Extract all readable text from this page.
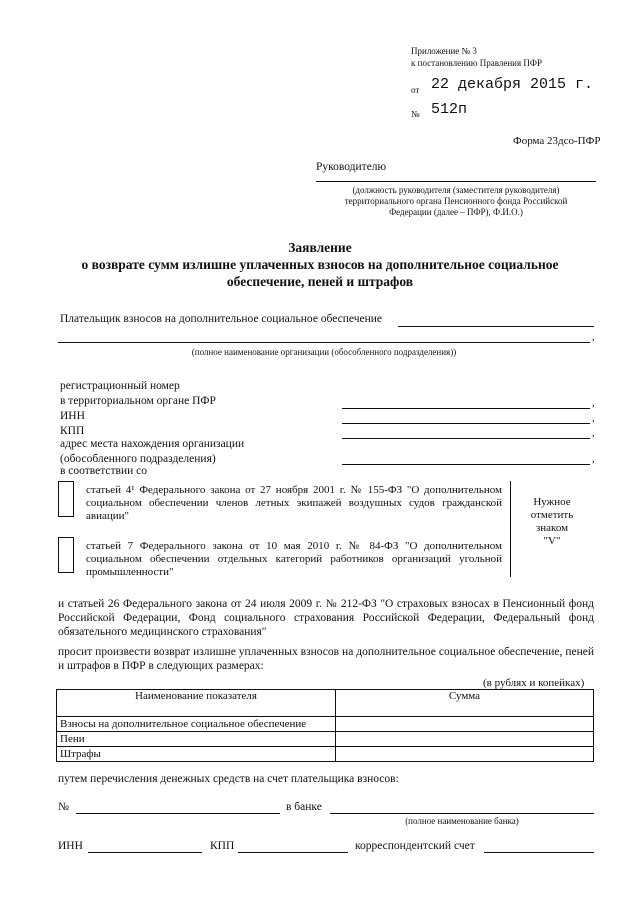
Приложение № 3
к постановлению Правления ПФР
от 22 декабря 2015 г.
№ 512п
Форма 23дсо-ПФР
Руководителю
(должность руководителя (заместителя руководителя)
территориального органа Пенсионного фонда Российской
Федерации (далее – ПФР), Ф.И.О.)
Заявление
о возврате сумм излишне уплаченных взносов на дополнительное социальное
обеспечение, пеней и штрафов
Плательщик взносов на дополнительное социальное обеспечение
,
(полное наименование организации (обособленного подразделения))
регистрационный номер
в территориальном органе ПФР	,
ИНН	,
КПП	,
адрес места нахождения организации
(обособленного подразделения)	,
в соответствии со
статьей 4¹ Федерального закона от 27 ноября 2001 г. № 155-ФЗ "О дополнительном социальном обеспечении членов летных экипажей воздушных судов гражданской авиации"
статьей 7 Федерального закона от 10 мая 2010 г. № 84-ФЗ "О дополнительном социальном обеспечении отдельных категорий работников организаций угольной промышленности"
Нужное
отметить
знаком
"V"
и статьей 26 Федерального закона от 24 июля 2009 г. № 212-ФЗ "О страховых взносах в Пенсионный фонд Российской Федерации, Фонд социального страхования Российской Федерации, Федеральный фонд обязательного медицинского страхования"
просит произвести возврат излишне уплаченных взносов на дополнительное социальное обеспечение, пеней и штрафов в ПФР в следующих размерах:
(в рублях и копейках)
Наименование показателя	Сумма
Взносы на дополнительное социальное обеспечение	
Пени	
Штрафы	
путем перечисления денежных средств на счет плательщика взносов:
№	в банке
(полное наименование банка)
ИНН	КПП	корреспондентский счет
